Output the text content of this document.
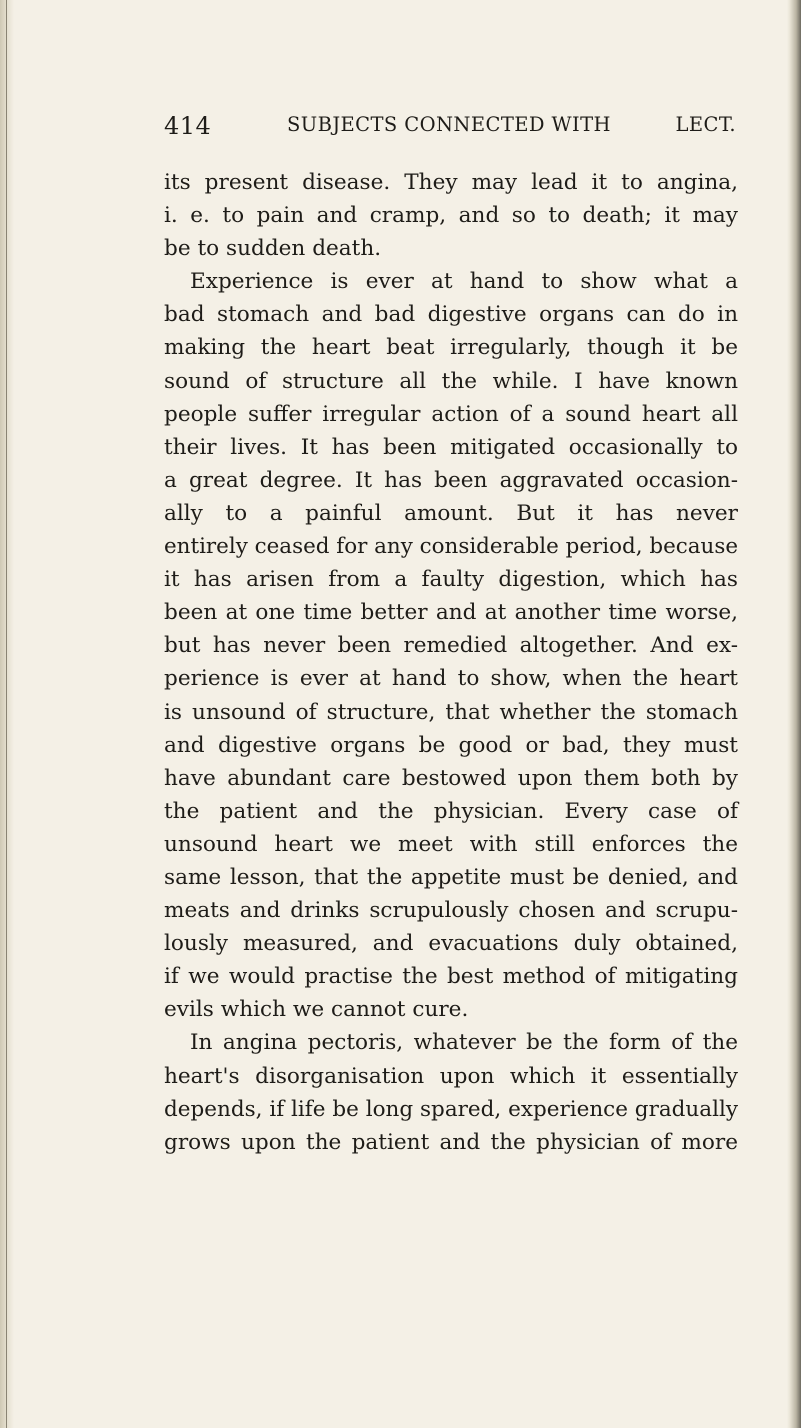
414	SUBJECTS CONNECTED WITH	LECT.
its present disease. They may lead it to angina,
i. e. to pain and cramp, and so to death; it may
be to sudden death.
Experience is ever at hand to show what a
bad stomach and bad digestive organs can do in
making the heart beat irregularly, though it be
sound of structure all the while. I have known
people suffer irregular action of a sound heart all
their lives. It has been mitigated occasionally to
a great degree. It has been aggravated occasion-
ally to a painful amount. But it has never
entirely ceased for any considerable period, because
it has arisen from a faulty digestion, which has
been at one time better and at another time worse,
but has never been remedied altogether. And ex-
perience is ever at hand to show, when the heart
is unsound of structure, that whether the stomach
and digestive organs be good or bad, they must
have abundant care bestowed upon them both by
the patient and the physician. Every case of
unsound heart we meet with still enforces the
same lesson, that the appetite must be denied, and
meats and drinks scrupulously chosen and scrupu-
lously measured, and evacuations duly obtained,
if we would practise the best method of mitigating
evils which we cannot cure.
In angina pectoris, whatever be the form of the
heart's disorganisation upon which it essentially
depends, if life be long spared, experience gradually
grows upon the patient and the physician of more
